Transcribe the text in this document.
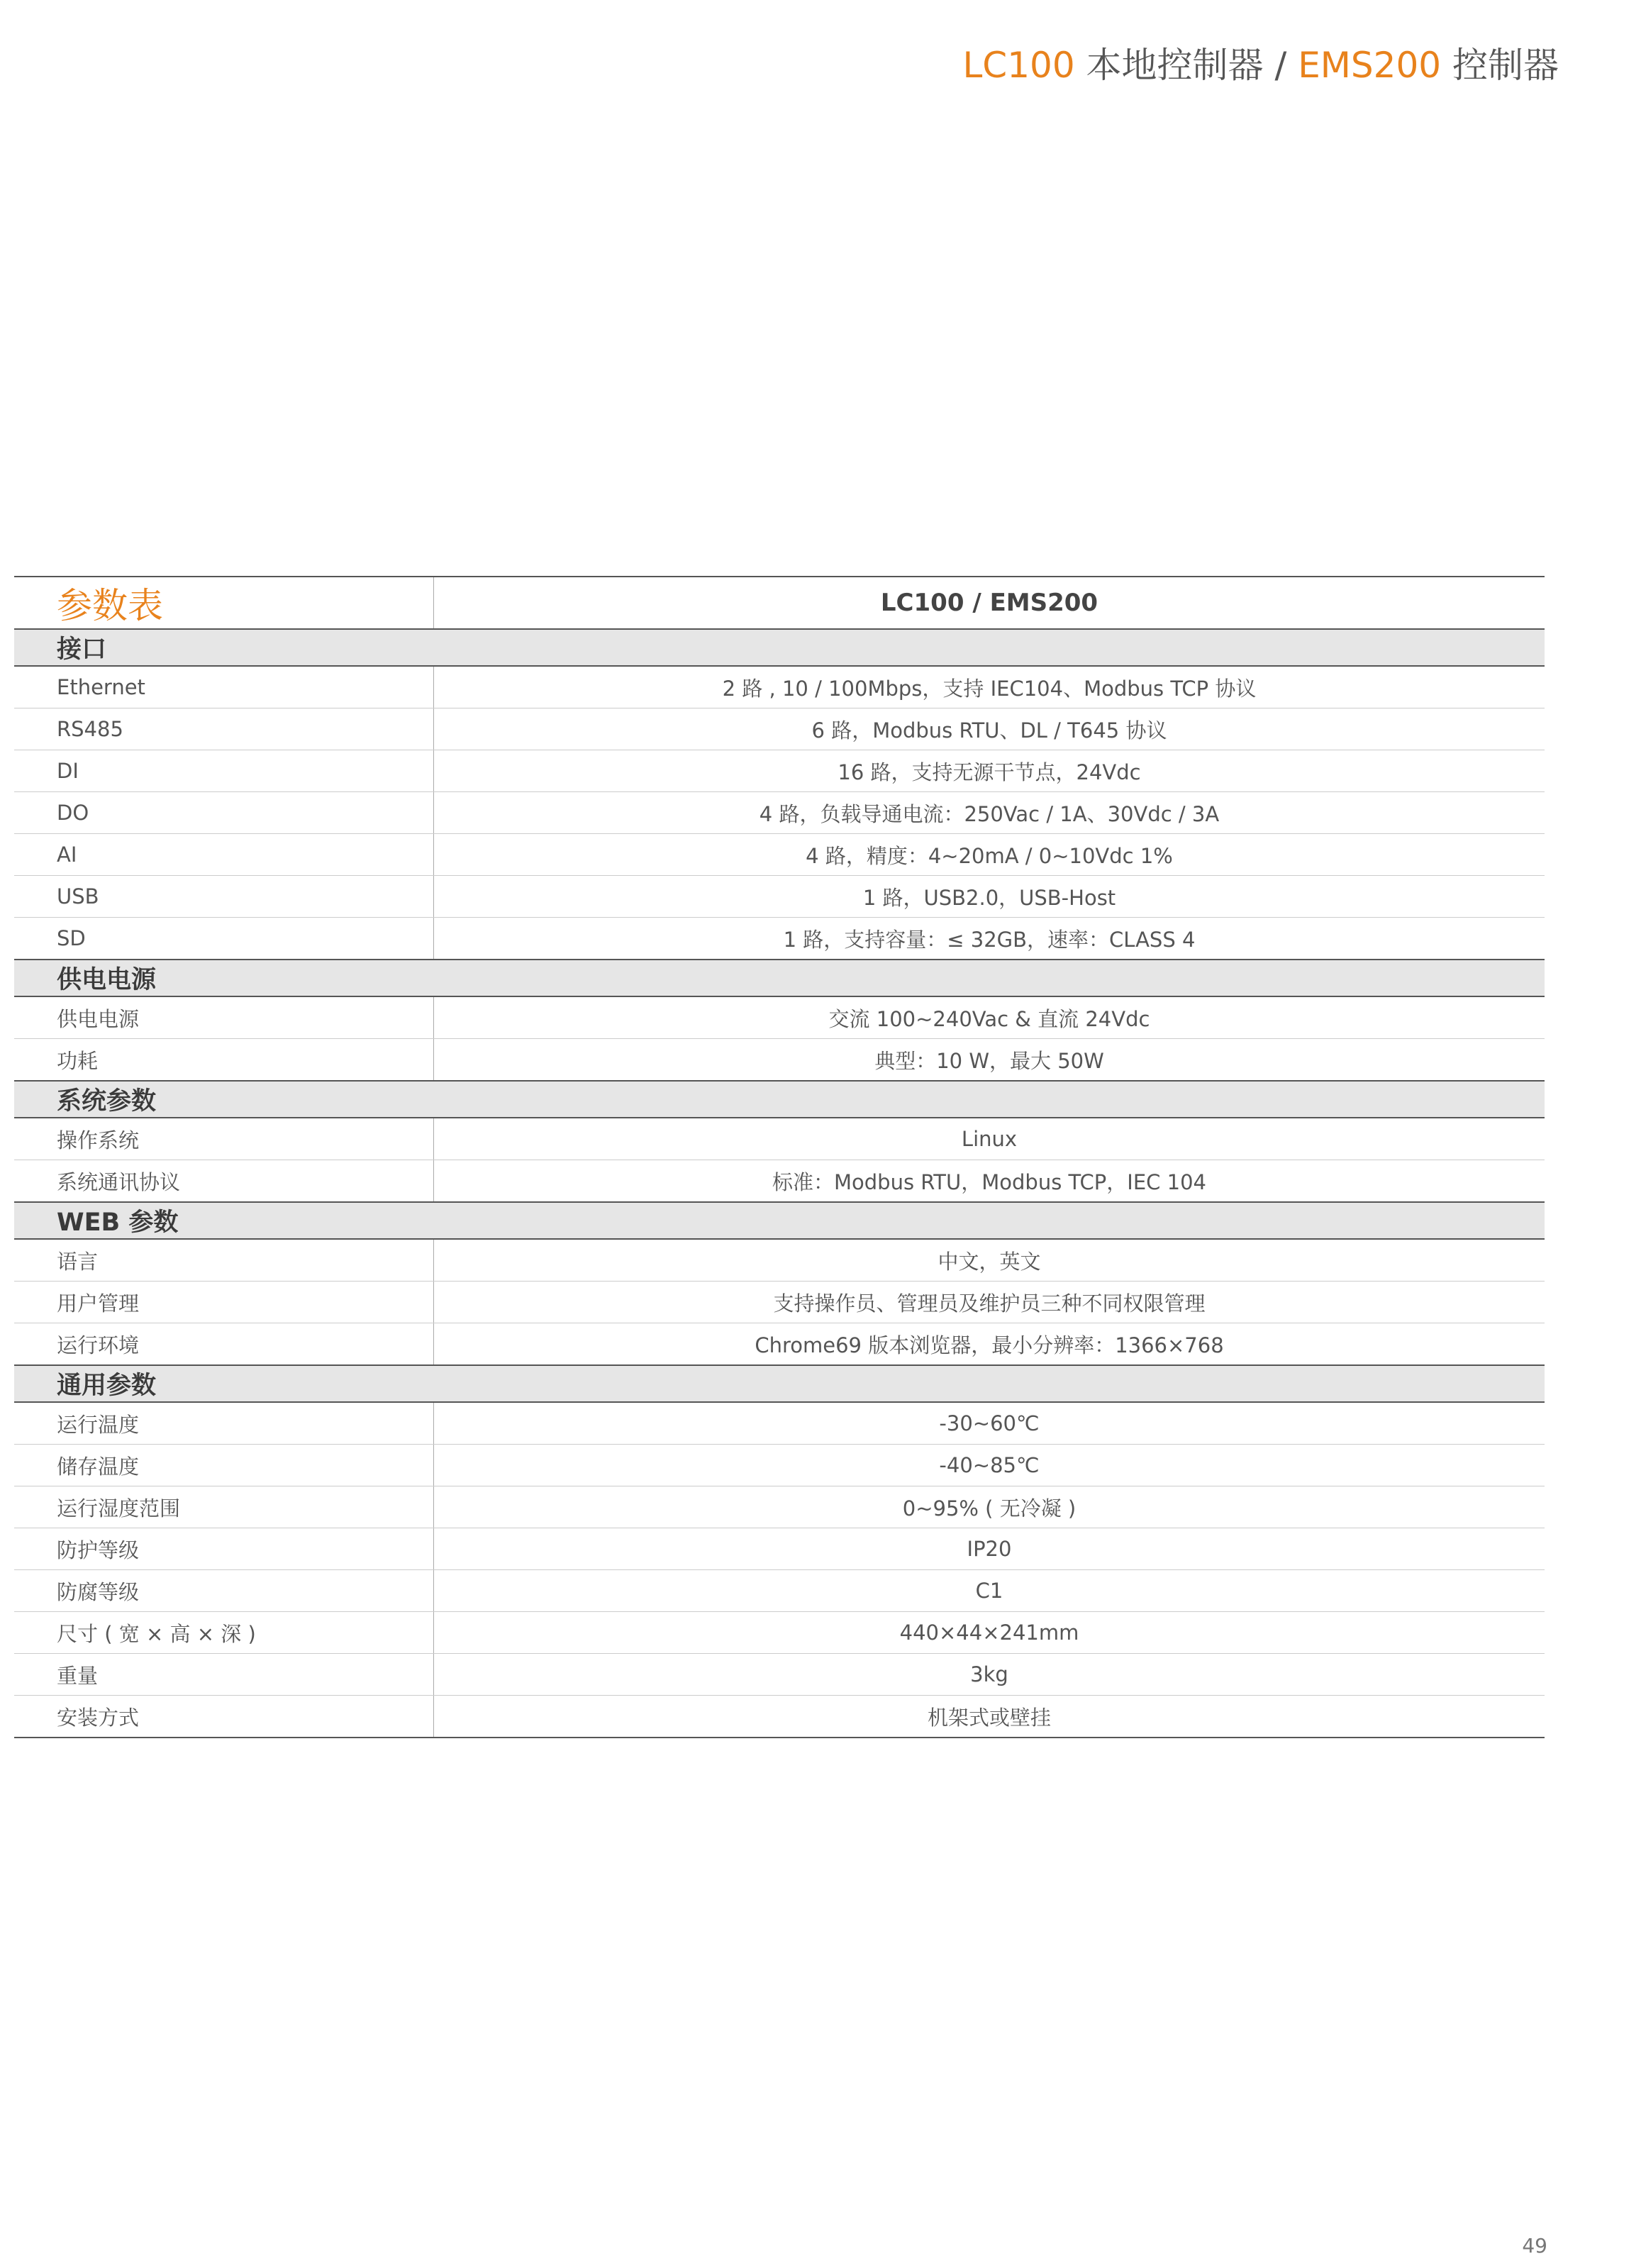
LC100 本地控制器 / EMS200 控制器
参数表	LC100 / EMS200
接口	
Ethernet	2 路 , 10 / 100Mbps，支持 IEC104、Modbus TCP 协议
RS485	6 路，Modbus RTU、DL / T645 协议
DI	16 路，支持无源干节点，24Vdc
DO	4 路，负载导通电流：250Vac / 1A、30Vdc / 3A
AI	4 路，精度：4~20mA / 0~10Vdc 1%
USB	1 路，USB2.0，USB-Host
SD	1 路，支持容量：≤ 32GB，速率：CLASS 4
供电电源	
供电电源	交流 100~240Vac & 直流 24Vdc
功耗	典型：10 W，最大 50W
系统参数	
操作系统	Linux
系统通讯协议	标准：Modbus RTU，Modbus TCP，IEC 104
WEB 参数	
语言	中文，英文
用户管理	支持操作员、管理员及维护员三种不同权限管理
运行环境	Chrome69 版本浏览器，最小分辨率：1366×768
通用参数	
运行温度	-30~60℃
储存温度	-40~85℃
运行湿度范围	0~95% ( 无冷凝 )
防护等级	IP20
防腐等级	C1
尺寸 ( 宽 × 高 × 深 )	440×44×241mm
重量	3kg
安装方式	机架式或壁挂
49
